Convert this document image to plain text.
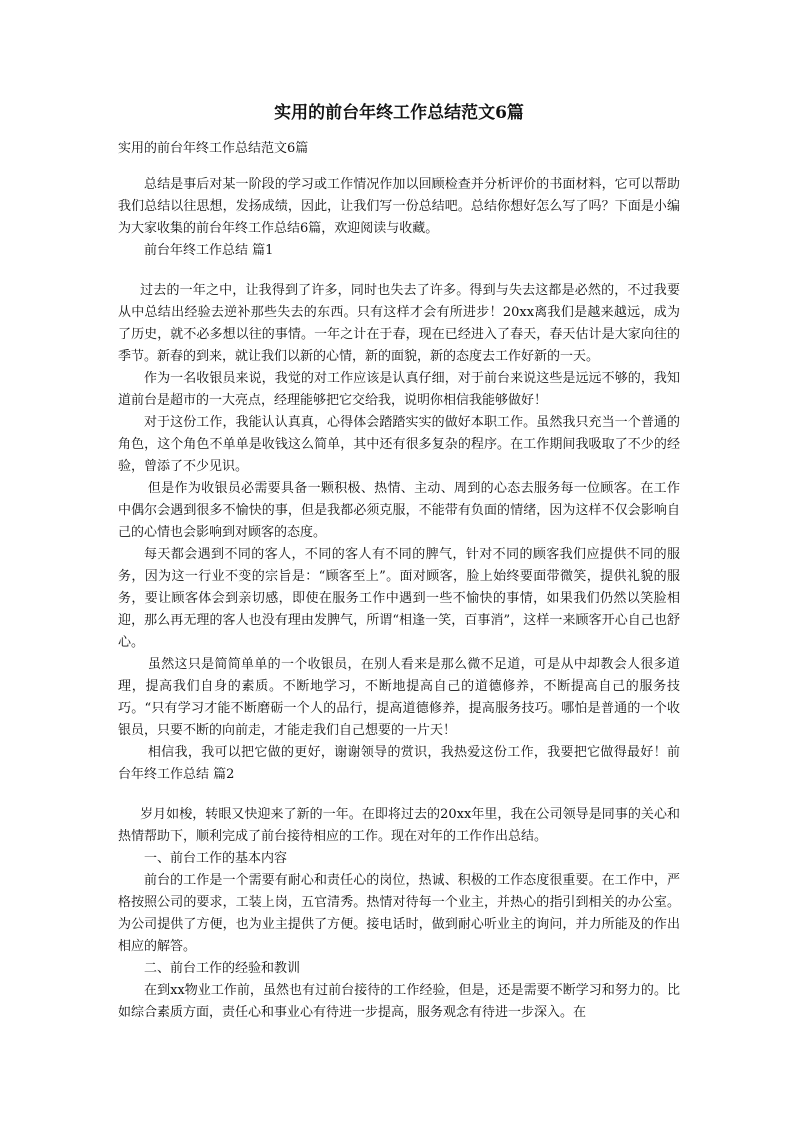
实用的前台年终工作总结范文6篇
实用的前台年终工作总结范文6篇

总结是事后对某一阶段的学习或工作情况作加以回顾检查并分析评价的书面材料，它可以帮助我们总结以往思想，发扬成绩，因此，让我们写一份总结吧。总结你想好怎么写了吗？下面是小编为大家收集的前台年终工作总结6篇，欢迎阅读与收藏。

前台年终工作总结 篇1

过去的一年之中，让我得到了许多，同时也失去了许多。得到与失去这都是必然的，不过我要从中总结出经验去逆补那些失去的东西。只有这样才会有所进步！20xx离我们是越来越远，成为了历史，就不必多想以往的事情。一年之计在于春，现在已经进入了春天，春天估计是大家向往的季节。新春的到来，就让我们以新的心情，新的面貌，新的态度去工作好新的一天。

作为一名收银员来说，我觉的对工作应该是认真仔细，对于前台来说这些是远远不够的，我知道前台是超市的一大亮点，经理能够把它交给我，说明你相信我能够做好！

对于这份工作，我能认认真真，心得体会踏踏实实的做好本职工作。虽然我只充当一个普通的角色，这个角色不单单是收钱这么简单，其中还有很多复杂的程序。在工作期间我吸取了不少的经验，曾添了不少见识。

但是作为收银员必需要具备一颗积极、热情、主动、周到的心态去服务每一位顾客。在工作中偶尔会遇到很多不愉快的事，但是我都必须克服，不能带有负面的情绪，因为这样不仅会影响自己的心情也会影响到对顾客的态度。

每天都会遇到不同的客人，不同的客人有不同的脾气，针对不同的顾客我们应提供不同的服务，因为这一行业不变的宗旨是：“顾客至上”。面对顾客，脸上始终要面带微笑，提供礼貌的服务，要让顾客体会到亲切感，即使在服务工作中遇到一些不愉快的事情，如果我们仍然以笑脸相迎，那么再无理的客人也没有理由发脾气，所谓“相逢一笑，百事消”，这样一来顾客开心自己也舒心。

虽然这只是简简单单的一个收银员，在别人看来是那么微不足道，可是从中却教会人很多道理，提高我们自身的素质。不断地学习，不断地提高自己的道德修养，不断提高自己的服务技巧。“只有学习才能不断磨砺一个人的品行，提高道德修养，提高服务技巧。哪怕是普通的一个收银员，只要不断的向前走，才能走我们自己想要的一片天！

相信我，我可以把它做的更好，谢谢领导的赏识，我热爱这份工作，我要把它做得最好！前台年终工作总结 篇2

岁月如梭，转眼又快迎来了新的一年。在即将过去的20xx年里，我在公司领导是同事的关心和热情帮助下，顺利完成了前台接待相应的工作。现在对年的工作作出总结。

一、前台工作的基本内容

前台的工作是一个需要有耐心和责任心的岗位，热诚、积极的工作态度很重要。在工作中，严格按照公司的要求，工装上岗，五官清秀。热情对待每一个业主，并热心的指引到相关的办公室。为公司提供了方便，也为业主提供了方便。接电话时，做到耐心听业主的询问，并力所能及的作出相应的解答。

二、前台工作的经验和教训

在到xx物业工作前，虽然也有过前台接待的工作经验，但是，还是需要不断学习和努力的。比如综合素质方面，责任心和事业心有待进一步提高，服务观念有待进一步深入。在
